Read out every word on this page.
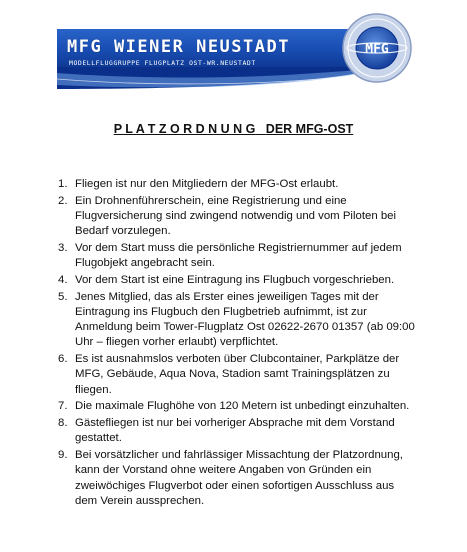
MFG WIENER NEUSTADT
MODELLFLUGGRUPPE FLUGPLATZ OST-WR.NEUSTADT
MFG
P L A T Z O R D N U N G DER MFG-OST
1. Fliegen ist nur den Mitgliedern der MFG-Ost erlaubt.
2. Ein Drohnenführerschein, eine Registrierung und eine Flugversicherung sind zwingend notwendig und vom Piloten bei Bedarf vorzulegen.
3. Vor dem Start muss die persönliche Registriernummer auf jedem Flugobjekt angebracht sein.
4. Vor dem Start ist eine Eintragung ins Flugbuch vorgeschrieben.
5. Jenes Mitglied, das als Erster eines jeweiligen Tages mit der Eintragung ins Flugbuch den Flugbetrieb aufnimmt, ist zur Anmeldung beim Tower-Flugplatz Ost 02622-2670 01357 (ab 09:00 Uhr – fliegen vorher erlaubt) verpflichtet.
6. Es ist ausnahmslos verboten über Clubcontainer, Parkplätze der MFG, Gebäude, Aqua Nova, Stadion samt Trainingsplätzen zu fliegen.
7. Die maximale Flughöhe von 120 Metern ist unbedingt einzuhalten.
8. Gästefliegen ist nur bei vorheriger Absprache mit dem Vorstand gestattet.
9. Bei vorsätzlicher und fahrlässiger Missachtung der Platzordnung, kann der Vorstand ohne weitere Angaben von Gründen ein zweiwöchiges Flugverbot oder einen sofortigen Ausschluss aus dem Verein aussprechen.
